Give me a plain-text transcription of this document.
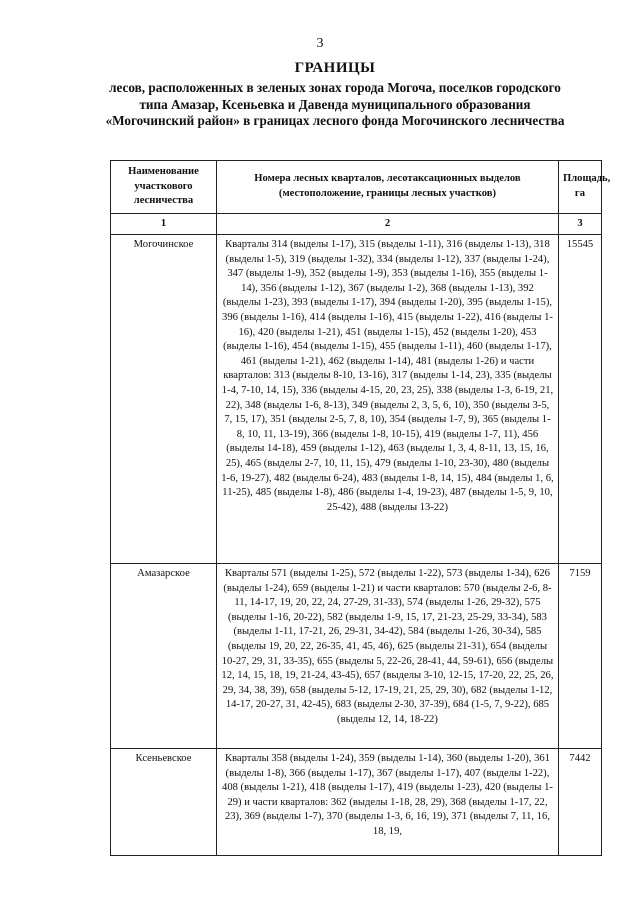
3
ГРАНИЦЫ
лесов, расположенных в зеленых зонах города Могоча, поселков городского типа Амазар, Ксеньевка и Давенда муниципального образования «Могочинский район» в границах лесного фонда Могочинского лесничества
Наименование участкового лесничества	Номера лесных кварталов, лесотаксационных выделов (местоположение, границы лесных участков)	Площадь, га
1	2	3
Могочинское	Кварталы 314 (выделы 1-17), 315 (выделы 1-11), 316 (выделы 1-13), 318 (выделы 1-5), 319 (выделы 1-32), 334 (выделы 1-12), 337 (выделы 1-24), 347 (выделы 1-9), 352 (выделы 1-9), 353 (выделы 1-16), 355 (выделы 1-14), 356 (выделы 1-12), 367 (выделы 1-2), 368 (выделы 1-13), 392 (выделы 1-23), 393 (выделы 1-17), 394 (выделы 1-20), 395 (выделы 1-15), 396 (выделы 1-16), 414 (выделы 1-16), 415 (выделы 1-22), 416 (выделы 1-16), 420 (выделы 1-21), 451 (выделы 1-15), 452 (выделы 1-20), 453 (выделы 1-16), 454 (выделы 1-15), 455 (выделы 1-11), 460 (выделы 1-17), 461 (выделы 1-21), 462 (выделы 1-14), 481 (выделы 1-26) и части кварталов: 313 (выделы 8-10, 13-16), 317 (выделы 1-14, 23), 335 (выделы 1-4, 7-10, 14, 15), 336 (выделы 4-15, 20, 23, 25), 338 (выделы 1-3, 6-19, 21, 22), 348 (выделы 1-6, 8-13), 349 (выделы 2, 3, 5, 6, 10), 350 (выделы 3-5, 7, 15, 17), 351 (выделы 2-5, 7, 8, 10), 354 (выделы 1-7, 9), 365 (выделы 1-8, 10, 11, 13-19), 366 (выделы 1-8, 10-15), 419 (выделы 1-7, 11), 456 (выделы 14-18), 459 (выделы 1-12), 463 (выделы 1, 3, 4, 8-11, 13, 15, 16, 25), 465 (выделы 2-7, 10, 11, 15), 479 (выделы 1-10, 23-30), 480 (выделы 1-6, 19-27), 482 (выделы 6-24), 483 (выделы 1-8, 14, 15), 484 (выделы 1, 6, 11-25), 485 (выделы 1-8), 486 (выделы 1-4, 19-23), 487 (выделы 1-5, 9, 10, 25-42), 488 (выделы 13-22)	15545
Амазарское	Кварталы 571 (выделы 1-25), 572 (выделы 1-22), 573 (выделы 1-34), 626 (выделы 1-24), 659 (выделы 1-21) и части кварталов: 570 (выделы 2-6, 8-11, 14-17, 19, 20, 22, 24, 27-29, 31-33), 574 (выделы 1-26, 29-32), 575 (выделы 1-16, 20-22), 582 (выделы 1-9, 15, 17, 21-23, 25-29, 33-34), 583 (выделы 1-11, 17-21, 26, 29-31, 34-42), 584 (выделы 1-26, 30-34), 585 (выделы 19, 20, 22, 26-35, 41, 45, 46), 625 (выделы 21-31), 654 (выделы 10-27, 29, 31, 33-35), 655 (выделы 5, 22-26, 28-41, 44, 59-61), 656 (выделы 12, 14, 15, 18, 19, 21-24, 43-45), 657 (выделы 3-10, 12-15, 17-20, 22, 25, 26, 29, 34, 38, 39), 658 (выделы 5-12, 17-19, 21, 25, 29, 30), 682 (выделы 1-12, 14-17, 20-27, 31, 42-45), 683 (выделы 2-30, 37-39), 684 (1-5, 7, 9-22), 685 (выделы 12, 14, 18-22)	7159
Ксеньевское	Кварталы 358 (выделы 1-24), 359 (выделы 1-14), 360 (выделы 1-20), 361 (выделы 1-8), 366 (выделы 1-17), 367 (выделы 1-17), 407 (выделы 1-22), 408 (выделы 1-21), 418 (выделы 1-17), 419 (выделы 1-23), 420 (выделы 1-29) и части кварталов: 362 (выделы 1-18, 28, 29), 368 (выделы 1-17, 22, 23), 369 (выделы 1-7), 370 (выделы 1-3, 6, 16, 19), 371 (выделы 7, 11, 16, 18, 19,	7442
